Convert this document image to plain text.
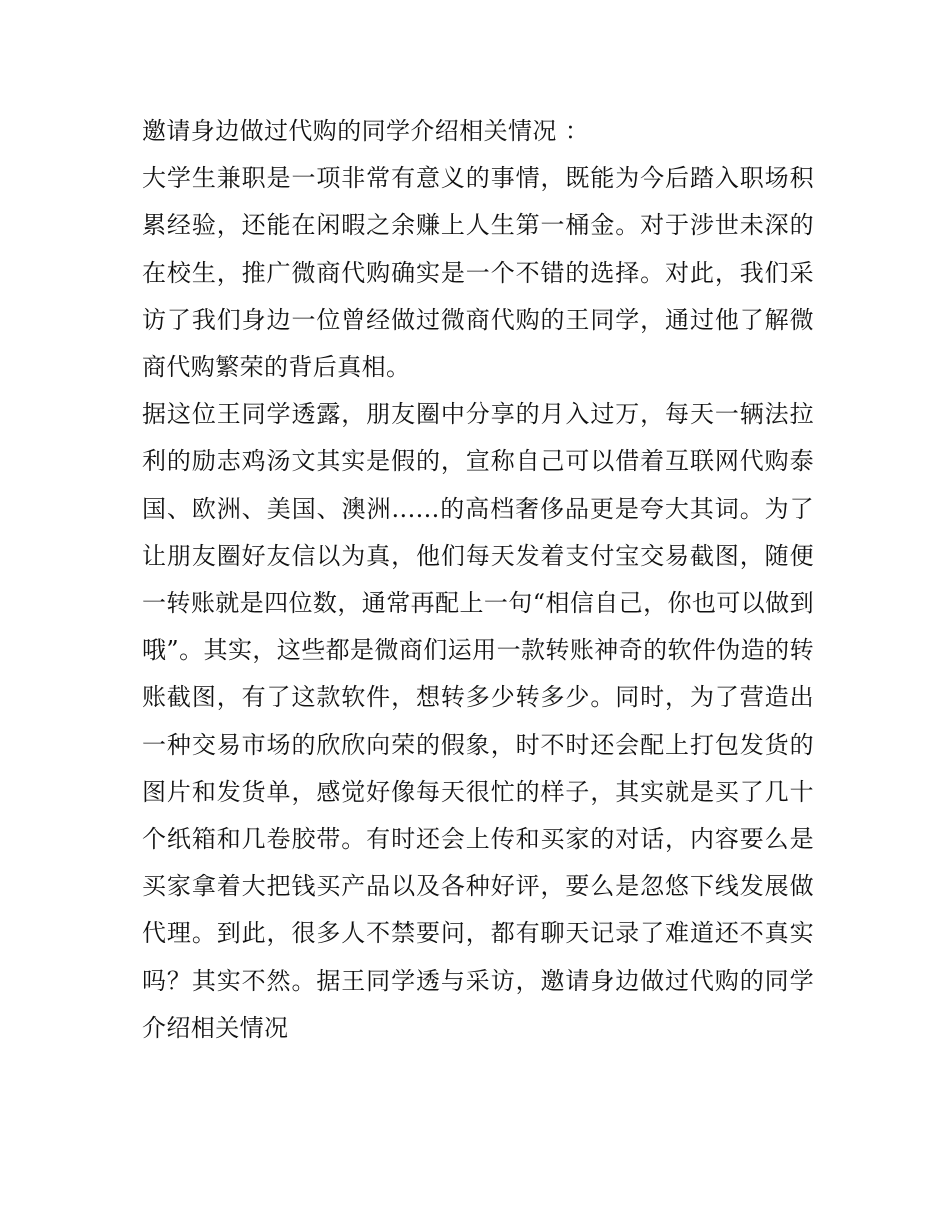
邀请身边做过代购的同学介绍相关情况 ：

大学生兼职是一项非常有意义的事情，既能为今后踏入职场积累经验，还能在闲暇之余赚上人生第一桶金。对于涉世未深的在校生，推广微商代购确实是一个不错的选择。对此，我们采访了我们身边一位曾经做过微商代购的王同学，通过他了解微商代购繁荣的背后真相。

据这位王同学透露，朋友圈中分享的月入过万，每天一辆法拉利的励志鸡汤文其实是假的，宣称自己可以借着互联网代购泰国、欧洲、美国、澳洲......的高档奢侈品更是夸大其词。为了让朋友圈好友信以为真，他们每天发着支付宝交易截图，随便一转账就是四位数，通常再配上一句“相信自己，你也可以做到哦”。其实，这些都是微商们运用一款转账神奇的软件伪造的转账截图，有了这款软件，想转多少转多少。同时，为了营造出一种交易市场的欣欣向荣的假象，时不时还会配上打包发货的图片和发货单，感觉好像每天很忙的样子，其实就是买了几十个纸箱和几卷胶带。有时还会上传和买家的对话，内容要么是买家拿着大把钱买产品以及各种好评，要么是忽悠下线发展做代理。到此，很多人不禁要问，都有聊天记录了难道还不真实吗？其实不然。据王同学透与采访，邀请身边做过代购的同学介绍相关情况
